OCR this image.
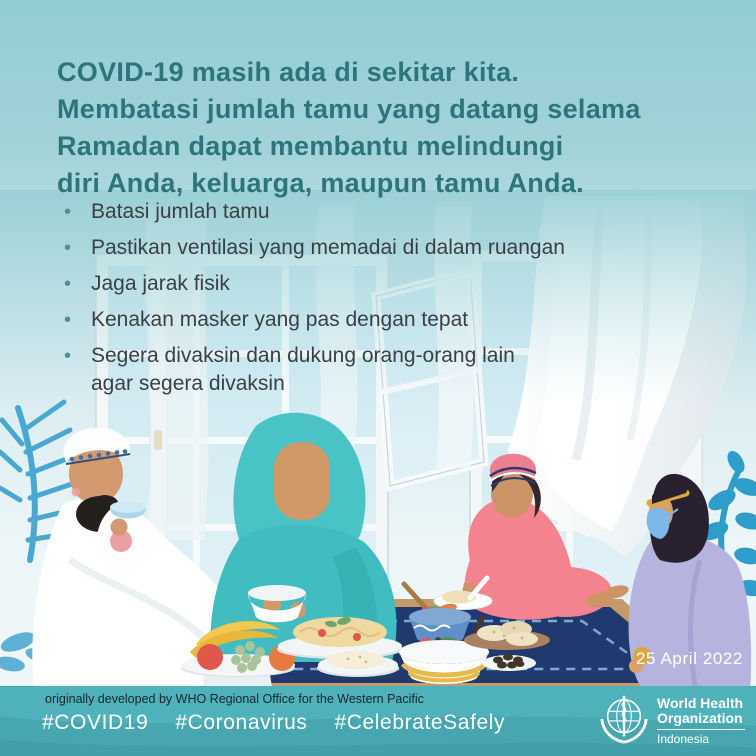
COVID-19 masih ada di sekitar kita.
Membatasi jumlah tamu yang datang selama
Ramadan dapat membantu melindungi
diri Anda, keluarga, maupun tamu Anda.
• Batasi jumlah tamu
• Pastikan ventilasi yang memadai di dalam ruangan
• Jaga jarak fisik
• Kenakan masker yang pas dengan tepat
• Segera divaksin dan dukung orang-orang lain agar segera divaksin
25 April 2022
originally developed by WHO Regional Office for the Western Pacific
#COVID19 #Coronavirus #CelebrateSafely
World Health
Organization
Indonesia
